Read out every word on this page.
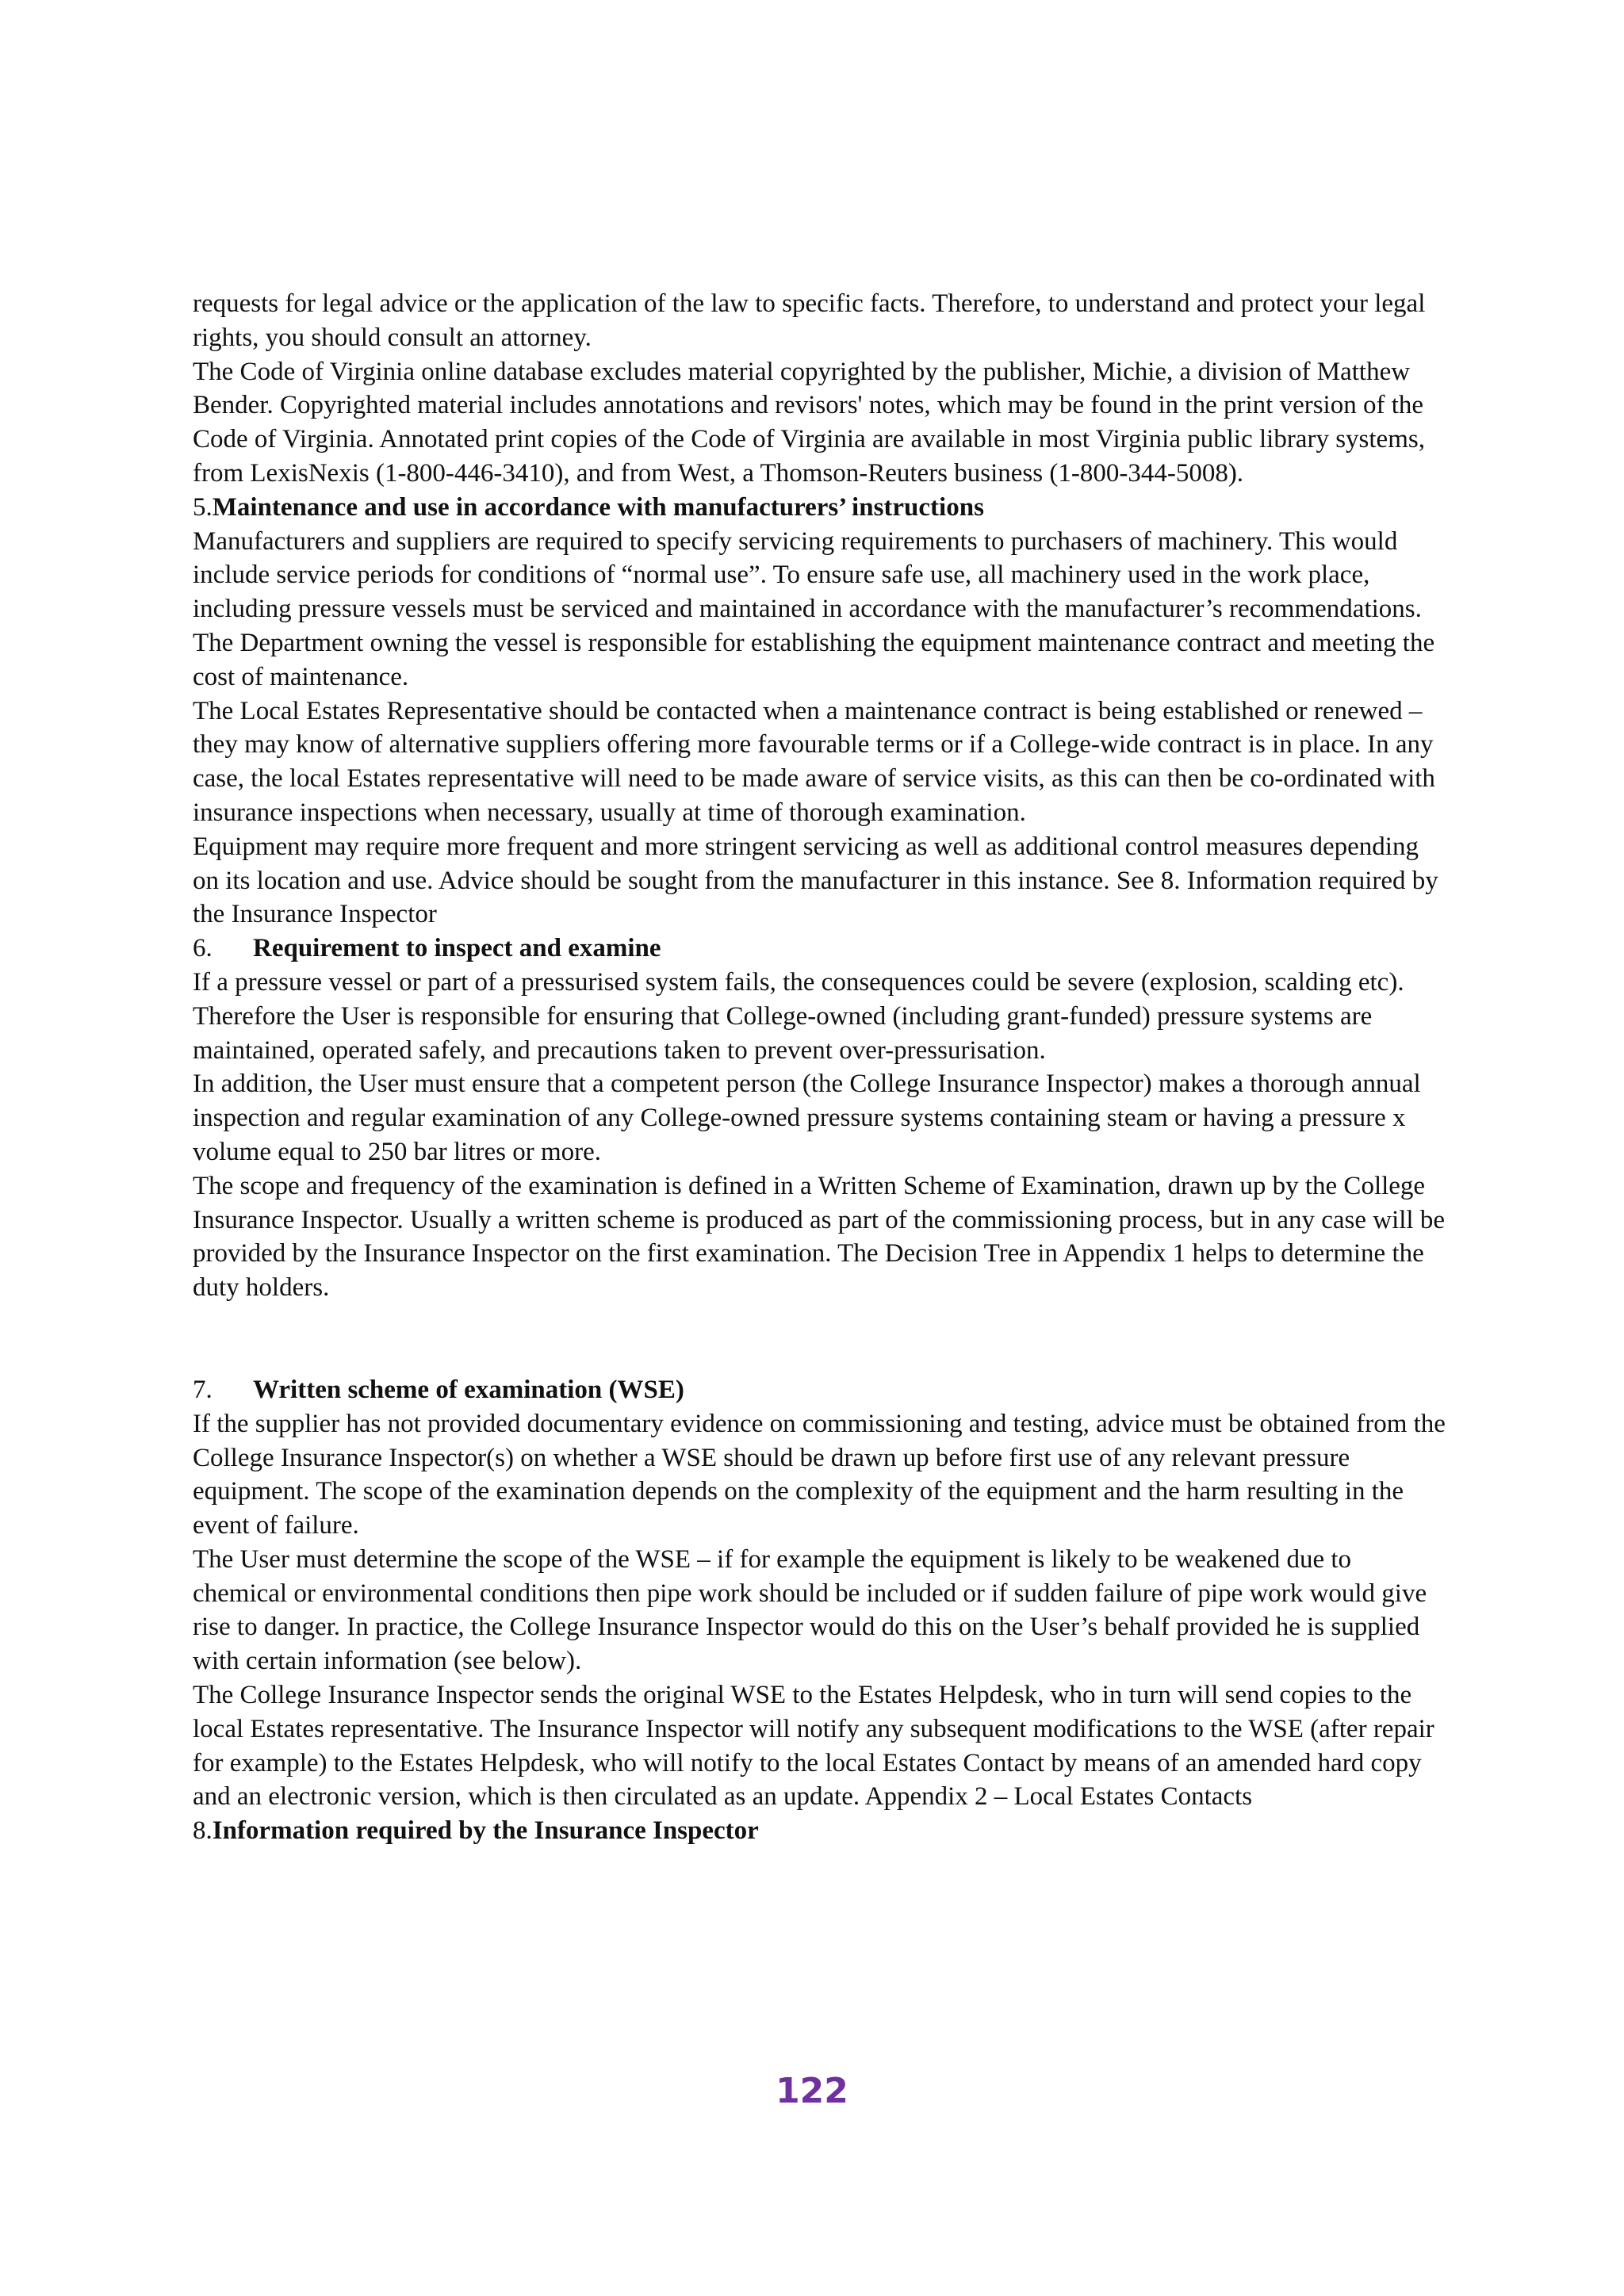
requests for legal advice or the application of the law to specific facts. Therefore, to understand and protect your legal rights, you should consult an attorney.

The Code of Virginia online database excludes material copyrighted by the publisher, Michie, a division of Matthew Bender. Copyrighted material includes annotations and revisors' notes, which may be found in the print version of the Code of Virginia. Annotated print copies of the Code of Virginia are available in most Virginia public library systems, from LexisNexis (1-800-446-3410), and from West, a Thomson-Reuters business (1-800-344-5008).

5.Maintenance and use in accordance with manufacturers’ instructions

Manufacturers and suppliers are required to specify servicing requirements to purchasers of machinery. This would include service periods for conditions of “normal use”. To ensure safe use, all machinery used in the work place, including pressure vessels must be serviced and maintained in accordance with the manufacturer’s recommendations.

The Department owning the vessel is responsible for establishing the equipment maintenance contract and meeting the cost of maintenance.

The Local Estates Representative should be contacted when a maintenance contract is being established or renewed – they may know of alternative suppliers offering more favourable terms or if a College-wide contract is in place. In any case, the local Estates representative will need to be made aware of service visits, as this can then be co-ordinated with insurance inspections when necessary, usually at time of thorough examination.

Equipment may require more frequent and more stringent servicing as well as additional control measures depending on its location and use. Advice should be sought from the manufacturer in this instance. See 8. Information required by the Insurance Inspector

6. Requirement to inspect and examine

If a pressure vessel or part of a pressurised system fails, the consequences could be severe (explosion, scalding etc). Therefore the User is responsible for ensuring that College-owned (including grant-funded) pressure systems are maintained, operated safely, and precautions taken to prevent over-pressurisation.

In addition, the User must ensure that a competent person (the College Insurance Inspector) makes a thorough annual inspection and regular examination of any College-owned pressure systems containing steam or having a pressure x volume equal to 250 bar litres or more.

The scope and frequency of the examination is defined in a Written Scheme of Examination, drawn up by the College Insurance Inspector. Usually a written scheme is produced as part of the commissioning process, but in any case will be provided by the Insurance Inspector on the first examination. The Decision Tree in Appendix 1 helps to determine the duty holders.

7. Written scheme of examination (WSE)

If the supplier has not provided documentary evidence on commissioning and testing, advice must be obtained from the College Insurance Inspector(s) on whether a WSE should be drawn up before first use of any relevant pressure equipment. The scope of the examination depends on the complexity of the equipment and the harm resulting in the event of failure.

The User must determine the scope of the WSE – if for example the equipment is likely to be weakened due to chemical or environmental conditions then pipe work should be included or if sudden failure of pipe work would give rise to danger. In practice, the College Insurance Inspector would do this on the User’s behalf provided he is supplied with certain information (see below).

The College Insurance Inspector sends the original WSE to the Estates Helpdesk, who in turn will send copies to the local Estates representative. The Insurance Inspector will notify any subsequent modifications to the WSE (after repair for example) to the Estates Helpdesk, who will notify to the local Estates Contact by means of an amended hard copy and an electronic version, which is then circulated as an update. Appendix 2 – Local Estates Contacts

8.Information required by the Insurance Inspector
122
